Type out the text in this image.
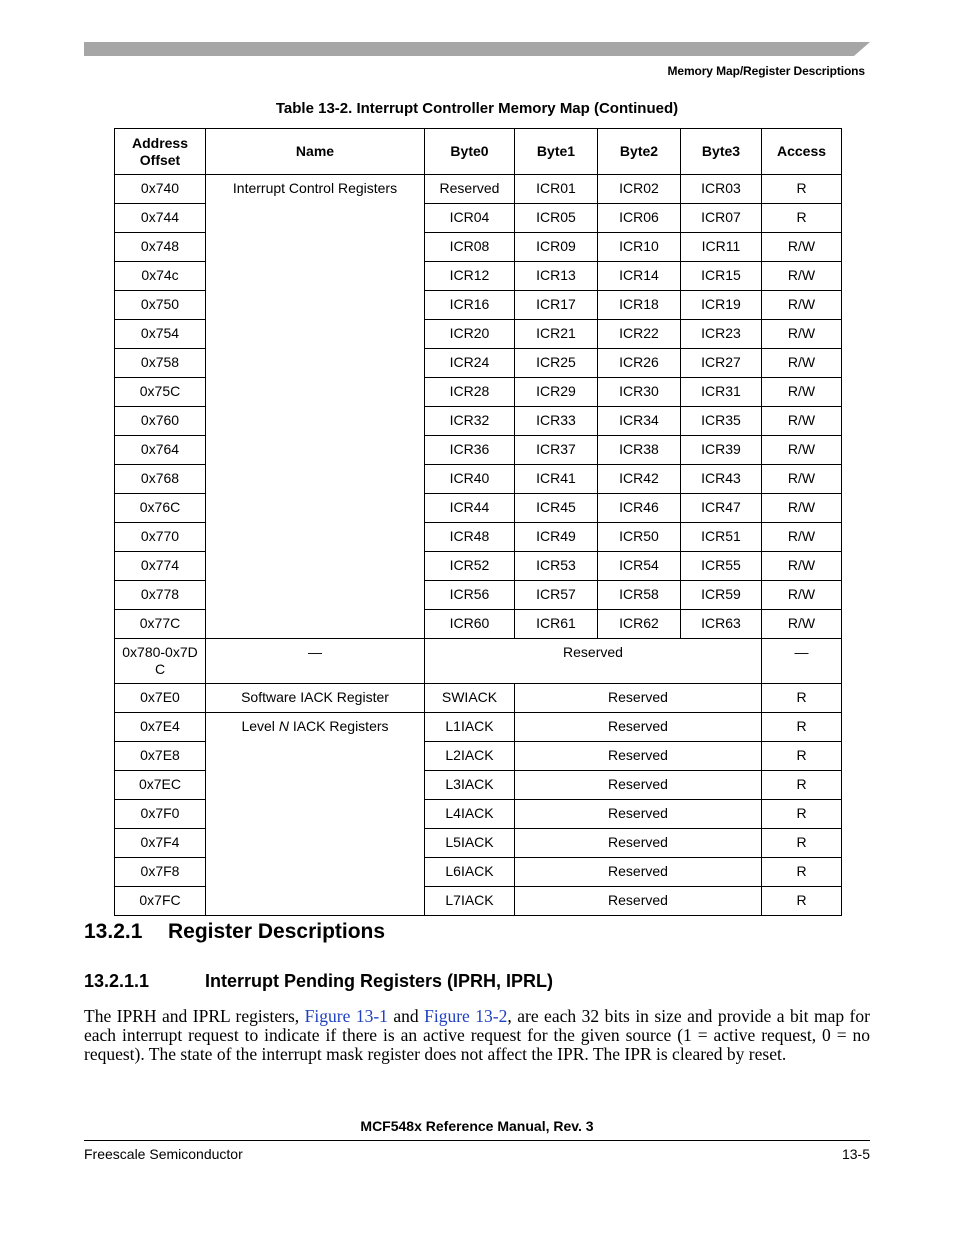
Memory Map/Register Descriptions
Table 13-2. Interrupt Controller Memory Map (Continued)
Address Offset	Name	Byte0	Byte1	Byte2	Byte3	Access
0x740	Interrupt Control Registers	Reserved	ICR01	ICR02	ICR03	R
0x744		ICR04	ICR05	ICR06	ICR07	R
0x748		ICR08	ICR09	ICR10	ICR11	R/W
0x74c		ICR12	ICR13	ICR14	ICR15	R/W
0x750		ICR16	ICR17	ICR18	ICR19	R/W
0x754		ICR20	ICR21	ICR22	ICR23	R/W
0x758		ICR24	ICR25	ICR26	ICR27	R/W
0x75C		ICR28	ICR29	ICR30	ICR31	R/W
0x760		ICR32	ICR33	ICR34	ICR35	R/W
0x764		ICR36	ICR37	ICR38	ICR39	R/W
0x768		ICR40	ICR41	ICR42	ICR43	R/W
0x76C		ICR44	ICR45	ICR46	ICR47	R/W
0x770		ICR48	ICR49	ICR50	ICR51	R/W
0x774		ICR52	ICR53	ICR54	ICR55	R/W
0x778		ICR56	ICR57	ICR58	ICR59	R/W
0x77C		ICR60	ICR61	ICR62	ICR63	R/W
0x780-0x7D C	—	Reserved				—
0x7E0	Software IACK Register	SWIACK	Reserved			R
0x7E4	Level N IACK Registers	L1IACK	Reserved			R
0x7E8		L2IACK	Reserved			R
0x7EC		L3IACK	Reserved			R
0x7F0		L4IACK	Reserved			R
0x7F4		L5IACK	Reserved			R
0x7F8		L6IACK	Reserved			R
0x7FC		L7IACK	Reserved			R
13.2.1 Register Descriptions
13.2.1.1	Interrupt Pending Registers (IPRH, IPRL)
The IPRH and IPRL registers, Figure 13-1 and Figure 13-2, are each 32 bits in size and provide a bit map for each interrupt request to indicate if there is an active request for the given source (1 = active request, 0 = no request). The state of the interrupt mask register does not affect the IPR. The IPR is cleared by reset.
MCF548x Reference Manual, Rev. 3
Freescale Semiconductor	13-5
